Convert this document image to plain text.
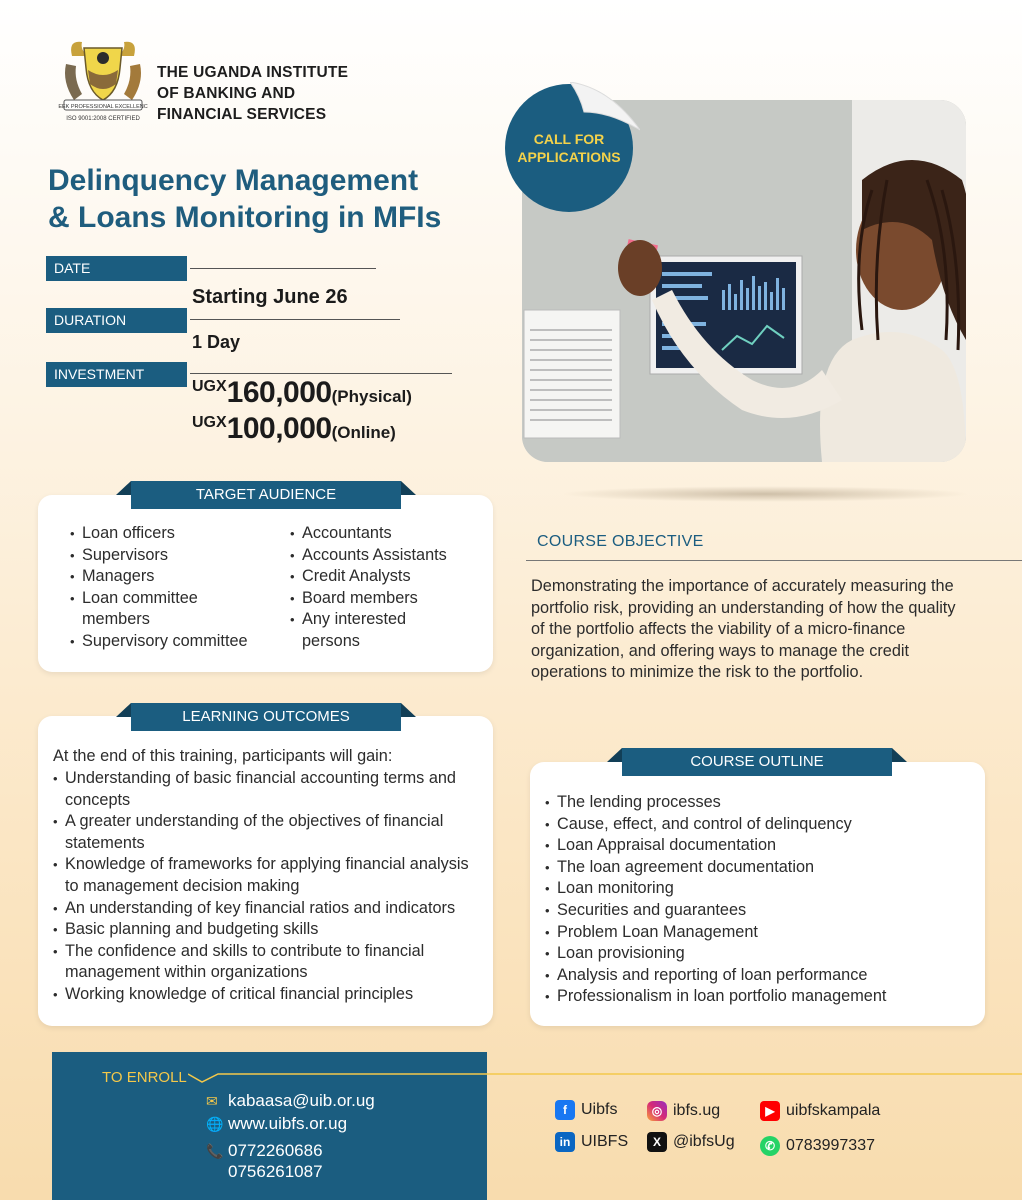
SEEK PROFESSIONAL EXCELLENCE
ISO 9001:2008 CERTIFIED
THE UGANDA INSTITUTE
OF BANKING AND
FINANCIAL SERVICES
Delinquency Management
& Loans Monitoring in MFIs
DATE
Starting June 26
DURATION
1 Day
INVESTMENT
UGX160,000(Physical)
UGX100,000(Online)
CALL FOR
APPLICATIONS
TARGET AUDIENCE
• Loan officers
• Supervisors
• Managers
• Loan committee members
• Supervisory committee
• Accountants
• Accounts Assistants
• Credit Analysts
• Board members
• Any interested persons
COURSE OBJECTIVE
Demonstrating the importance of accurately measuring the portfolio risk, providing an understanding of how the quality of the portfolio affects the viability of a micro-finance organization, and offering ways to manage the credit operations to minimize the risk to the portfolio.
LEARNING OUTCOMES
At the end of this training, participants will gain:
• Understanding of basic financial accounting terms and concepts
• A greater understanding of the objectives of financial statements
• Knowledge of frameworks for applying financial analysis to management decision making
• An understanding of key financial ratios and indicators
• Basic planning and budgeting skills
• The confidence and skills to contribute to financial management within organizations
• Working knowledge of critical financial principles
COURSE OUTLINE
• The lending processes
• Cause, effect, and control of delinquency
• Loan Appraisal documentation
• The loan agreement documentation
• Loan monitoring
• Securities and guarantees
• Problem Loan Management
• Loan provisioning
• Analysis and reporting of loan performance
• Professionalism in loan portfolio management
TO ENROLL
✉ kabaasa@uib.or.ug
🌐 www.uibfs.or.ug
📞 0772260686
0756261087
f Uibfs	◎ ibfs.ug	▶ uibfskampala
in UIBFS	X @ibfsUg	✆ 0783997337
